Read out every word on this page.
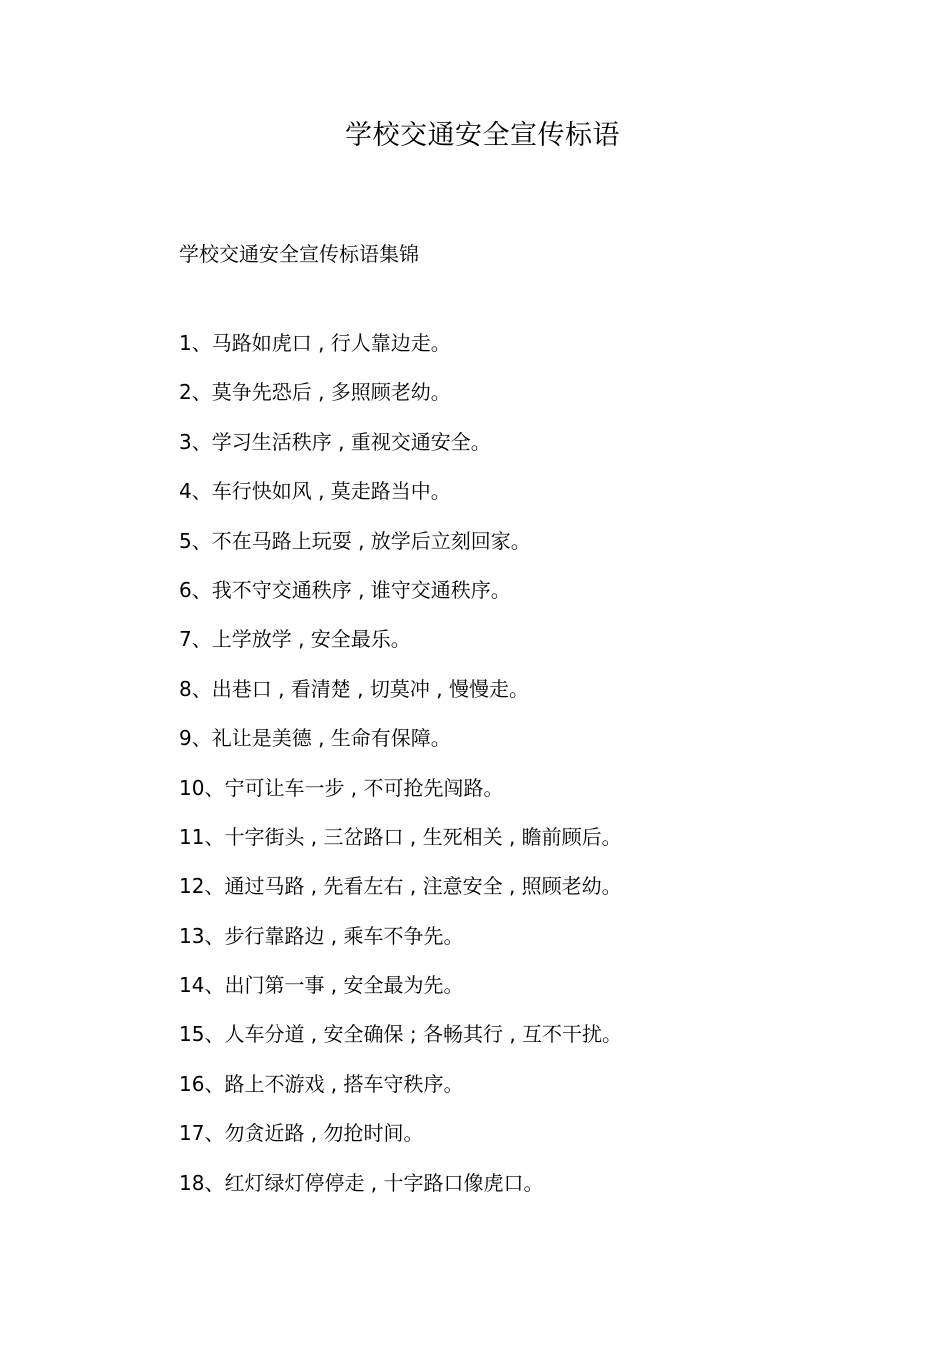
学校交通安全宣传标语
学校交通安全宣传标语集锦
1、马路如虎口 , 行人靠边走。
2、莫争先恐后 , 多照顾老幼。
3、学习生活秩序 , 重视交通安全。
4、车行快如风 , 莫走路当中。
5、不在马路上玩耍 , 放学后立刻回家。
6、我不守交通秩序 , 谁守交通秩序。
7、上学放学 , 安全最乐。
8、出巷口 , 看清楚 , 切莫冲 , 慢慢走。
9、礼让是美德 , 生命有保障。
10、宁可让车一步 , 不可抢先闯路。
11、十字街头 , 三岔路口 , 生死相关 , 瞻前顾后。
12、通过马路 , 先看左右 , 注意安全 , 照顾老幼。
13、步行靠路边 , 乘车不争先。
14、出门第一事 , 安全最为先。
15、人车分道 , 安全确保 ; 各畅其行 , 互不干扰。
16、路上不游戏 , 搭车守秩序。
17、勿贪近路 , 勿抢时间。
18、红灯绿灯停停走 , 十字路口像虎口。
